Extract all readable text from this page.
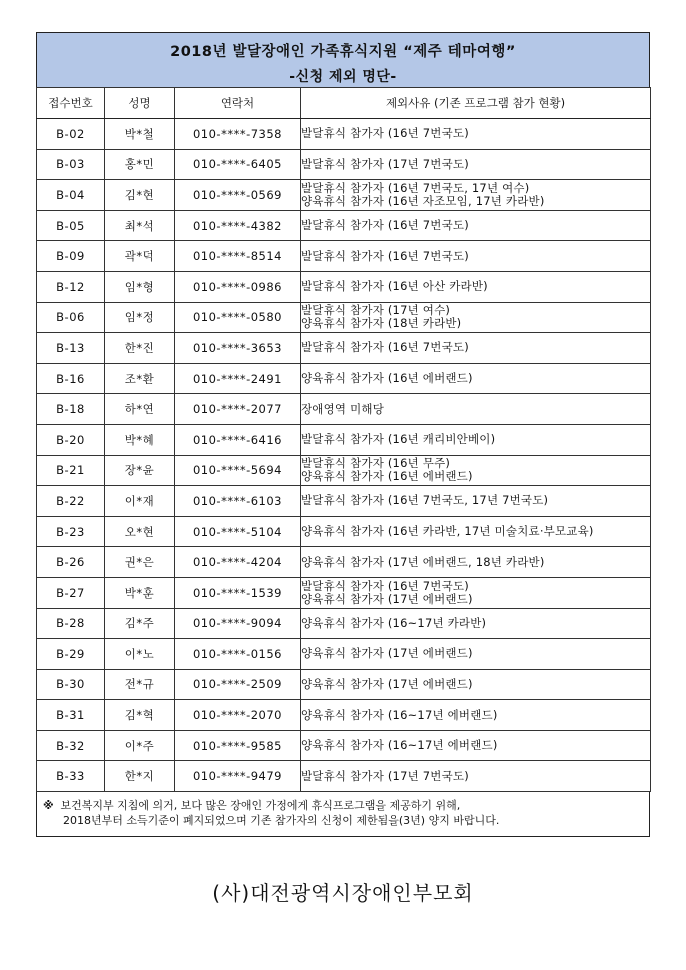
2018년 발달장애인 가족휴식지원 “제주 테마여행”
-신청 제외 명단-
접수번호	성명	연락처	제외사유 (기존 프로그램 참가 현황)
B-02	박*철	010-****-7358	발달휴식 참가자 (16년 7번국도)

B-03	홍*민	010-****-6405	발달휴식 참가자 (17년 7번국도)

B-04	김*현	010-****-0569	발달휴식 참가자 (16년 7번국도, 17년 여수)
양육휴식 참가자 (16년 자조모임, 17년 카라반)

B-05	최*석	010-****-4382	발달휴식 참가자 (16년 7번국도)

B-09	곽*덕	010-****-8514	발달휴식 참가자 (16년 7번국도)

B-12	임*형	010-****-0986	발달휴식 참가자 (16년 아산 카라반)

B-06	임*정	010-****-0580	발달휴식 참가자 (17년 여수)
양육휴식 참가자 (18년 카라반)

B-13	한*진	010-****-3653	발달휴식 참가자 (16년 7번국도)

B-16	조*환	010-****-2491	양육휴식 참가자 (16년 에버랜드)

B-18	하*연	010-****-2077	장애영역 미해당

B-20	박*혜	010-****-6416	발달휴식 참가자 (16년 캐리비안베이)

B-21	장*윤	010-****-5694	발달휴식 참가자 (16년 무주)
양육휴식 참가자 (16년 에버랜드)

B-22	이*재	010-****-6103	발달휴식 참가자 (16년 7번국도, 17년 7번국도)

B-23	오*현	010-****-5104	양육휴식 참가자 (16년 카라반, 17년 미술치료·부모교육)

B-26	권*은	010-****-4204	양육휴식 참가자 (17년 에버랜드, 18년 카라반)

B-27	박*훈	010-****-1539	발달휴식 참가자 (16년 7번국도)
양육휴식 참가자 (17년 에버랜드)

B-28	김*주	010-****-9094	양육휴식 참가자 (16~17년 카라반)

B-29	이*노	010-****-0156	양육휴식 참가자 (17년 에버랜드)

B-30	전*규	010-****-2509	양육휴식 참가자 (17년 에버랜드)

B-31	김*혁	010-****-2070	양육휴식 참가자 (16~17년 에버랜드)

B-32	이*주	010-****-9585	양육휴식 참가자 (16~17년 에버랜드)

B-33	한*지	010-****-9479	발달휴식 참가자 (17년 7번국도)
※ 보건복지부 지침에 의거, 보다 많은 장애인 가정에게 휴식프로그램을 제공하기 위해,
2018년부터 소득기준이 폐지되었으며 기존 참가자의 신청이 제한됨을(3년) 양지 바랍니다.
(사)대전광역시장애인부모회
